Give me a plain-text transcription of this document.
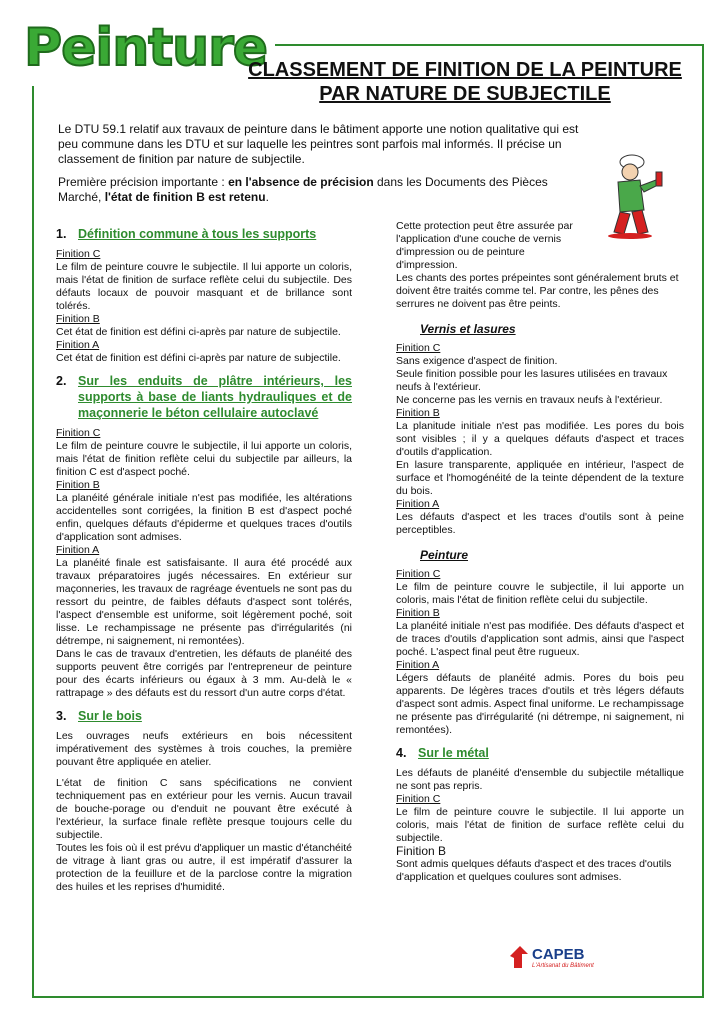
Peinture
CLASSEMENT DE FINITION DE LA PEINTURE PAR NATURE DE SUBJECTILE

Le DTU 59.1 relatif aux travaux de peinture dans le bâtiment apporte une notion qualitative qui est peu commune dans les DTU et sur laquelle les peintres sont parfois mal informés. Il précise un classement de finition par nature de subjectile.

Première précision importante : en l'absence de précision dans les Documents des Pièces Marché, l'état de finition B est retenu.

1. Définition commune à tous les supports

Finition C

Le film de peinture couvre le subjectile. Il lui apporte un coloris, mais l'état de finition de surface reflète celui du subjectile. Des défauts locaux de pouvoir masquant et de brillance sont tolérés.

Finition B

Cet état de finition est défini ci-après par nature de subjectile.

Finition A

Cet état de finition est défini ci-après par nature de subjectile.

2. Sur les enduits de plâtre intérieurs, les supports à base de liants hydrauliques et de maçonnerie le béton cellulaire autoclavé

Finition C

Le film de peinture couvre le subjectile, il lui apporte un coloris, mais l'état de finition reflète celui du subjectile par ailleurs, la finition C est d'aspect poché.

Finition B

La planéité générale initiale n'est pas modifiée, les altérations accidentelles sont corrigées, la finition B est d'aspect poché enfin, quelques défauts d'épiderme et quelques traces d'outils d'application sont admises.

Finition A

La planéité finale est satisfaisante. Il aura été procédé aux travaux préparatoires jugés nécessaires. En extérieur sur maçonneries, les travaux de ragréage éventuels ne sont pas du ressort du peintre, de faibles défauts d'aspect sont tolérés, l'aspect d'ensemble est uniforme, soit légèrement poché, soit lisse. Le rechampissage ne présente pas d'irrégularités (ni détrempe, ni saignement, ni remontées).

Dans le cas de travaux d'entretien, les défauts de planéité des supports peuvent être corrigés par l'entrepreneur de peinture pour des écarts inférieurs ou égaux à 3 mm. Au-delà le « rattrapage » des défauts est du ressort d'un autre corps d'état.

3. Sur le bois

Les ouvrages neufs extérieurs en bois nécessitent impérativement des systèmes à trois couches, la première pouvant être appliquée en atelier.

L'état de finition C sans spécifications ne convient techniquement pas en extérieur pour les vernis. Aucun travail de bouche-porage ou d'enduit ne pouvant être exécuté à l'extérieur, la surface finale reflète presque toujours celle du subjectile.

Toutes les fois où il est prévu d'appliquer un mastic d'étanchéité de vitrage à liant gras ou autre, il est impératif d'assurer la protection de la feuillure et de la parclose contre la migration des huiles et les reprises d'humidité.

Cette protection peut être assurée par l'application d'une couche de vernis d'impression ou de peinture d'impression.

Les chants des portes prépeintes sont généralement bruts et doivent être traités comme tel. Par contre, les pênes des serrures ne doivent pas être peints.

Vernis et lasures

Finition C

Sans exigence d'aspect de finition.

Seule finition possible pour les lasures utilisées en travaux neufs à l'extérieur.

Ne concerne pas les vernis en travaux neufs à l'extérieur.

Finition B

La planitude initiale n'est pas modifiée. Les pores du bois sont visibles ; il y a quelques défauts d'aspect et traces d'outils d'application.

En lasure transparente, appliquée en intérieur, l'aspect de surface et l'homogénéité de la teinte dépendent de la texture du bois.

Finition A

Les défauts d'aspect et les traces d'outils sont à peine perceptibles.

Peinture

Finition C

Le film de peinture couvre le subjectile, il lui apporte un coloris, mais l'état de finition reflète celui du subjectile.

Finition B

La planéité initiale n'est pas modifiée. Des défauts d'aspect et de traces d'outils d'application sont admis, ainsi que l'aspect poché. L'aspect final peut être rugueux.

Finition A

Légers défauts de planéité admis. Pores du bois peu apparents. De légères traces d'outils et très légers défauts d'aspect sont admis. Aspect final uniforme. Le rechampissage ne présente pas d'irrégularité (ni détrempe, ni saignement, ni remontées).

4. Sur le métal

Les défauts de planéité d'ensemble du subjectile métallique ne sont pas repris.

Finition C

Le film de peinture couvre le subjectile. Il lui apporte un coloris, mais l'état de finition de surface reflète celui du subjectile.

Finition B

Sont admis quelques défauts d'aspect et des traces d'outils d'application et quelques coulures sont admises.

CAPEB
L'Artisanat du Bâtiment
